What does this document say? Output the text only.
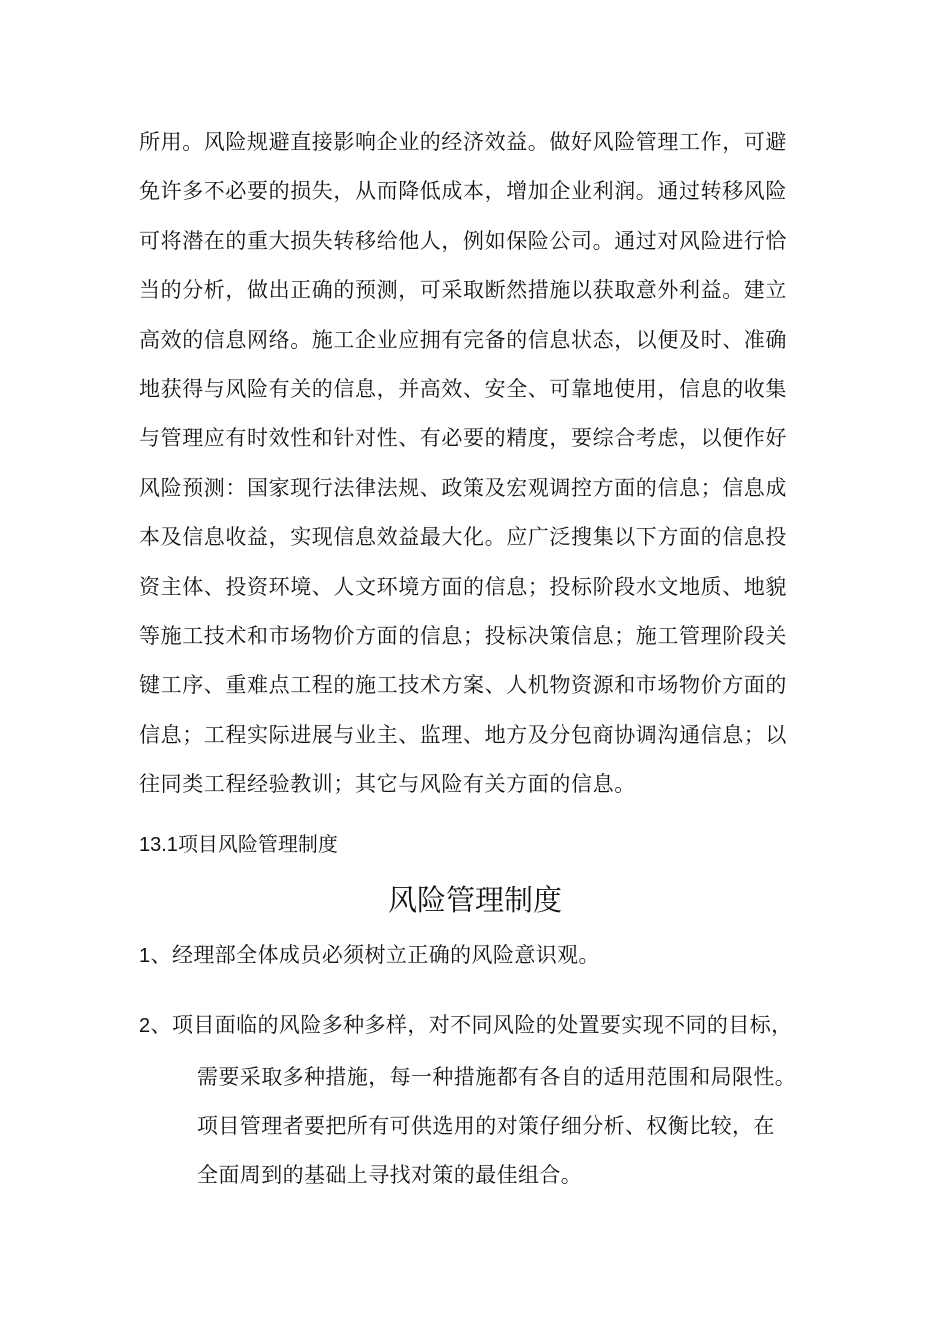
所用。风险规避直接影响企业的经济效益。做好风险管理工作，可避
免许多不必要的损失，从而降低成本，增加企业利润。通过转移风险
可将潜在的重大损失转移给他人，例如保险公司。通过对风险进行恰
当的分析，做出正确的预测，可采取断然措施以获取意外利益。建立
高效的信息网络。施工企业应拥有完备的信息状态，以便及时、准确
地获得与风险有关的信息，并高效、安全、可靠地使用，信息的收集
与管理应有时效性和针对性、有必要的精度，要综合考虑，以便作好
风险预测：国家现行法律法规、政策及宏观调控方面的信息；信息成
本及信息收益，实现信息效益最大化。应广泛搜集以下方面的信息投
资主体、投资环境、人文环境方面的信息；投标阶段水文地质、地貌
等施工技术和市场物价方面的信息；投标决策信息；施工管理阶段关
键工序、重难点工程的施工技术方案、人机物资源和市场物价方面的
信息；工程实际进展与业主、监理、地方及分包商协调沟通信息；以
往同类工程经验教训；其它与风险有关方面的信息。
13.1项目风险管理制度
风险管理制度
1、经理部全体成员必须树立正确的风险意识观。
2、项目面临的风险多种多样，对不同风险的处置要实现不同的目标，
需要采取多种措施，每一种措施都有各自的适用范围和局限性。
项目管理者要把所有可供选用的对策仔细分析、权衡比较，在
全面周到的基础上寻找对策的最佳组合。
